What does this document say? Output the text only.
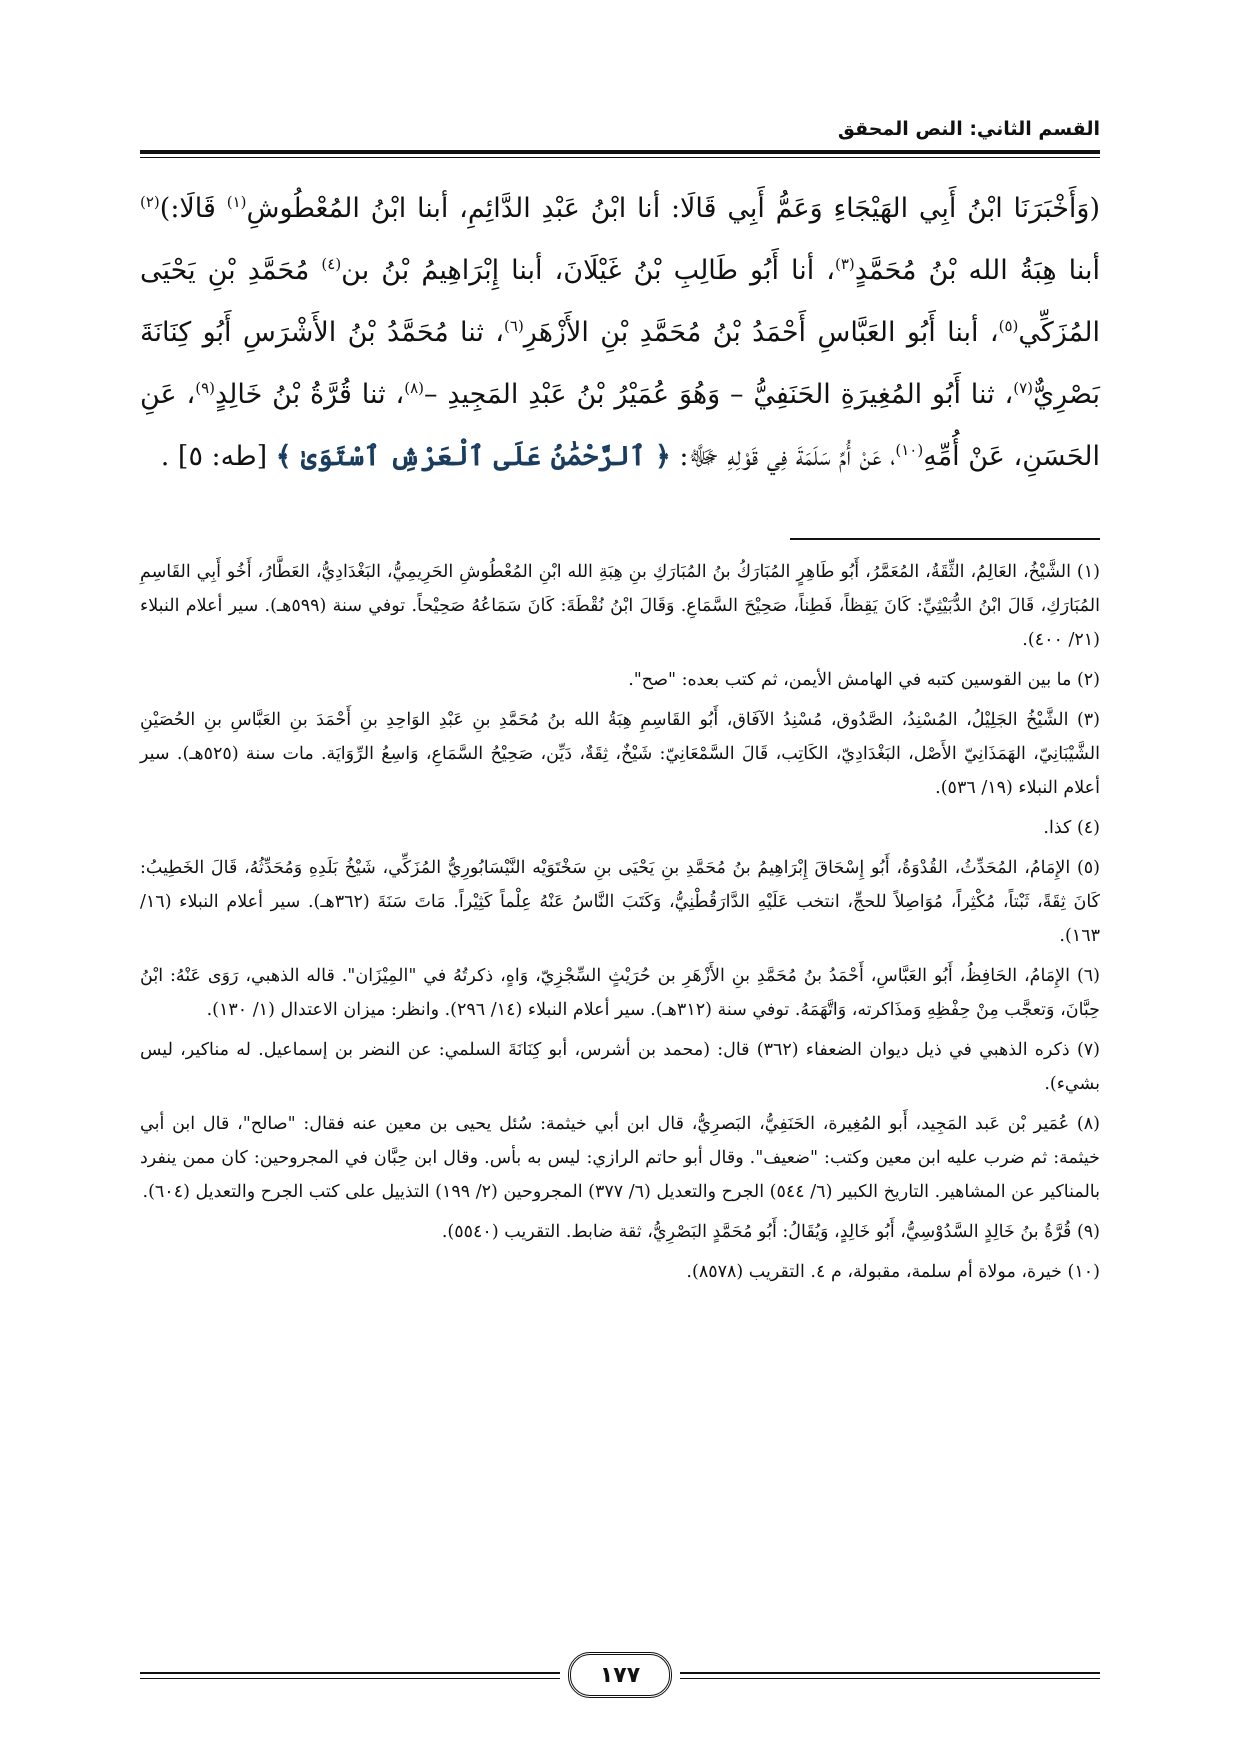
القسم الثاني: النص المحقق

(وَأَخْبَرَنَا ابْنُ أَبِي الهَيْجَاءِ وَعَمُّ أَبِي قَالَا: أنا ابْنُ عَبْدِ الدَّائِمِ، أبنا ابْنُ المُعْطُوشِ$^{(١)}$ قَالَا:)$^{(٢)}$ أبنا هِبَةُ الله بْنُ مُحَمَّدٍ$^{(٣)}$، أنا أَبُو طَالِبِ بْنُ غَيْلَانَ، أبنا إِبْرَاهِيمُ بْنُ بن$^{(٤)}$ مُحَمَّدِ بْنِ يَحْيَى المُزَكِّي$^{(٥)}$، أبنا أَبُو العَبَّاسِ أَحْمَدُ بْنُ مُحَمَّدِ بْنِ الأَزْهَرِ$^{(٦)}$، ثنا مُحَمَّدُ بْنُ الأَشْرَسِ أَبُو كِنَانَةَ بَصْرِيٌّ$^{(٧)}$، ثنا أَبُو المُغِيرَةِ الحَنَفِيُّ – وَهُوَ عُمَيْرُ بْنُ عَبْدِ المَجِيدِ –$^{(٨)}$، ثنا قُرَّةُ بْنُ خَالِدٍ$^{(٩)}$، عَنِ الحَسَنِ، عَنْ أُمِّهِ$^{(١٠)}$، عَنْ أُمِّ سَلَمَةَ فِي قَوْلِهِ ﷻ: ﴿ ٱلرَّحْمَٰنُ عَلَى ٱلْعَرْشِ ٱسْتَوَىٰ ﴾ [طه: ٥] .

(١) الشَّيْخُ، العَالِمُ، الثِّقَةُ، المُعَمَّرُ، أَبُو طَاهِرٍ المُبَارَكُ بنُ المُبَارَكِ بنِ هِبَةِ الله ابْنِ المُعْطُوشِ الحَرِيمِيُّ، البَغْدَادِيُّ، العَطَّارُ، أَخُو أَبِي القَاسِمِ المُبَارَكِ، قَالَ ابْنُ الدُّبَيْثِيِّ: كَانَ يَقِظاً، فَطِناً، صَحِيْحَ السَّمَاعِ. وَقَالَ ابْنُ نُقْطَةَ: كَانَ سَمَاعُهُ صَحِيْحاً. توفي سنة (٥٩٩هـ). سير أعلام النبلاء (٢١/ ٤٠٠).

(٢) ما بين القوسين كتبه في الهامش الأيمن، ثم كتب بعده: "صح".

(٣) الشَّيْخُ الجَلِيْلُ، المُسْنِدُ، الصَّدُوق، مُسْنِدُ الآفَاق، أَبُو القَاسِمِ هِبَةُ الله بنُ مُحَمَّدِ بنِ عَبْدِ الوَاحِدِ بنِ أَحْمَدَ بنِ العَبَّاسِ بنِ الحُصَيْنِ الشَّيْبَانِيّ، الهَمَذَانِيّ الأَصْل، البَغْدَادِيّ، الكَاتِب، قَالَ السَّمْعَانِيّ: شَيْخٌ، ثِقَةٌ، دَيِّن، صَحِيْحُ السَّمَاعِ، وَاسِعُ الرِّوَايَة. مات سنة (٥٢٥هـ). سير أعلام النبلاء (١٩/ ٥٣٦).

(٤) كذا.

(٥) الإِمَامُ، المُحَدِّثُ، القُدْوَةُ، أَبُو إِسْحَاقَ إِبْرَاهِيمُ بنُ مُحَمَّدِ بنِ يَحْيَى بنِ سَخْتَوَيْه النَّيْسَابُورِيُّ المُزَكِّي، شَيْخُ بَلَدِهِ وَمُحَدِّثُهُ، قَالَ الخَطِيبُ: كَانَ ثِقَةً، ثَبْتاً، مُكْثِراً، مُوَاصِلاً للحجِّ، انتخب عَلَيْهِ الدَّارَقُطْنِيُّ، وَكَتَبَ النَّاسُ عَنْهُ عِلْماً كَثِيْراً. مَاتَ سَنَةَ (٣٦٢هـ). سير أعلام النبلاء (١٦/ ١٦٣).

(٦) الإِمَامُ، الحَافِظُ، أَبُو العَبَّاسِ، أَحْمَدُ بنُ مُحَمَّدِ بنِ الأَزْهَرِ بن حُرَيْثٍ السِّجْزِيّ، وَاهٍ، ذكرتُهُ في "المِيْزَان". قاله الذهبي، رَوَى عَنْهُ: ابْنُ حِبَّانَ، وَتعجَّب مِنْ حِفْظِهِ وَمذَاكرته، وَاتَّهَمَهُ. توفي سنة (٣١٢هـ). سير أعلام النبلاء (١٤/ ٢٩٦). وانظر: ميزان الاعتدال (١/ ١٣٠).

(٧) ذكره الذهبي في ذيل ديوان الضعفاء (٣٦٢) قال: (محمد بن أشرس، أبو كِنَانَةَ السلمي: عن النضر بن إسماعيل. له مناكير، ليس بشيء).

(٨) عُمَير بْن عَبد المَجِيد، أَبو المُغِيرة، الحَنَفِيُّ، البَصرِيُّ، قال ابن أبي خيثمة: سُئل يحيى بن معين عنه فقال: "صالح"، قال ابن أبي خيثمة: ثم ضرب عليه ابن معين وكتب: "ضعيف". وقال أبو حاتم الرازي: ليس به بأس. وقال ابن حِبَّان في المجروحين: كان ممن ينفرد بالمناكير عن المشاهير. التاريخ الكبير (٦/ ٥٤٤) الجرح والتعديل (٦/ ٣٧٧) المجروحين (٢/ ١٩٩) التذييل على كتب الجرح والتعديل (٦٠٤).

(٩) قُرَّةُ بنُ خَالِدٍ السَّدُوْسِيُّ، أَبُو خَالِدٍ، وَيُقَالُ: أَبُو مُحَمَّدٍ البَصْرِيُّ، ثقة ضابط. التقريب (٥٥٤٠).

(١٠) خيرة، مولاة أم سلمة، مقبولة، م ٤. التقريب (٨٥٧٨).

١٧٧
